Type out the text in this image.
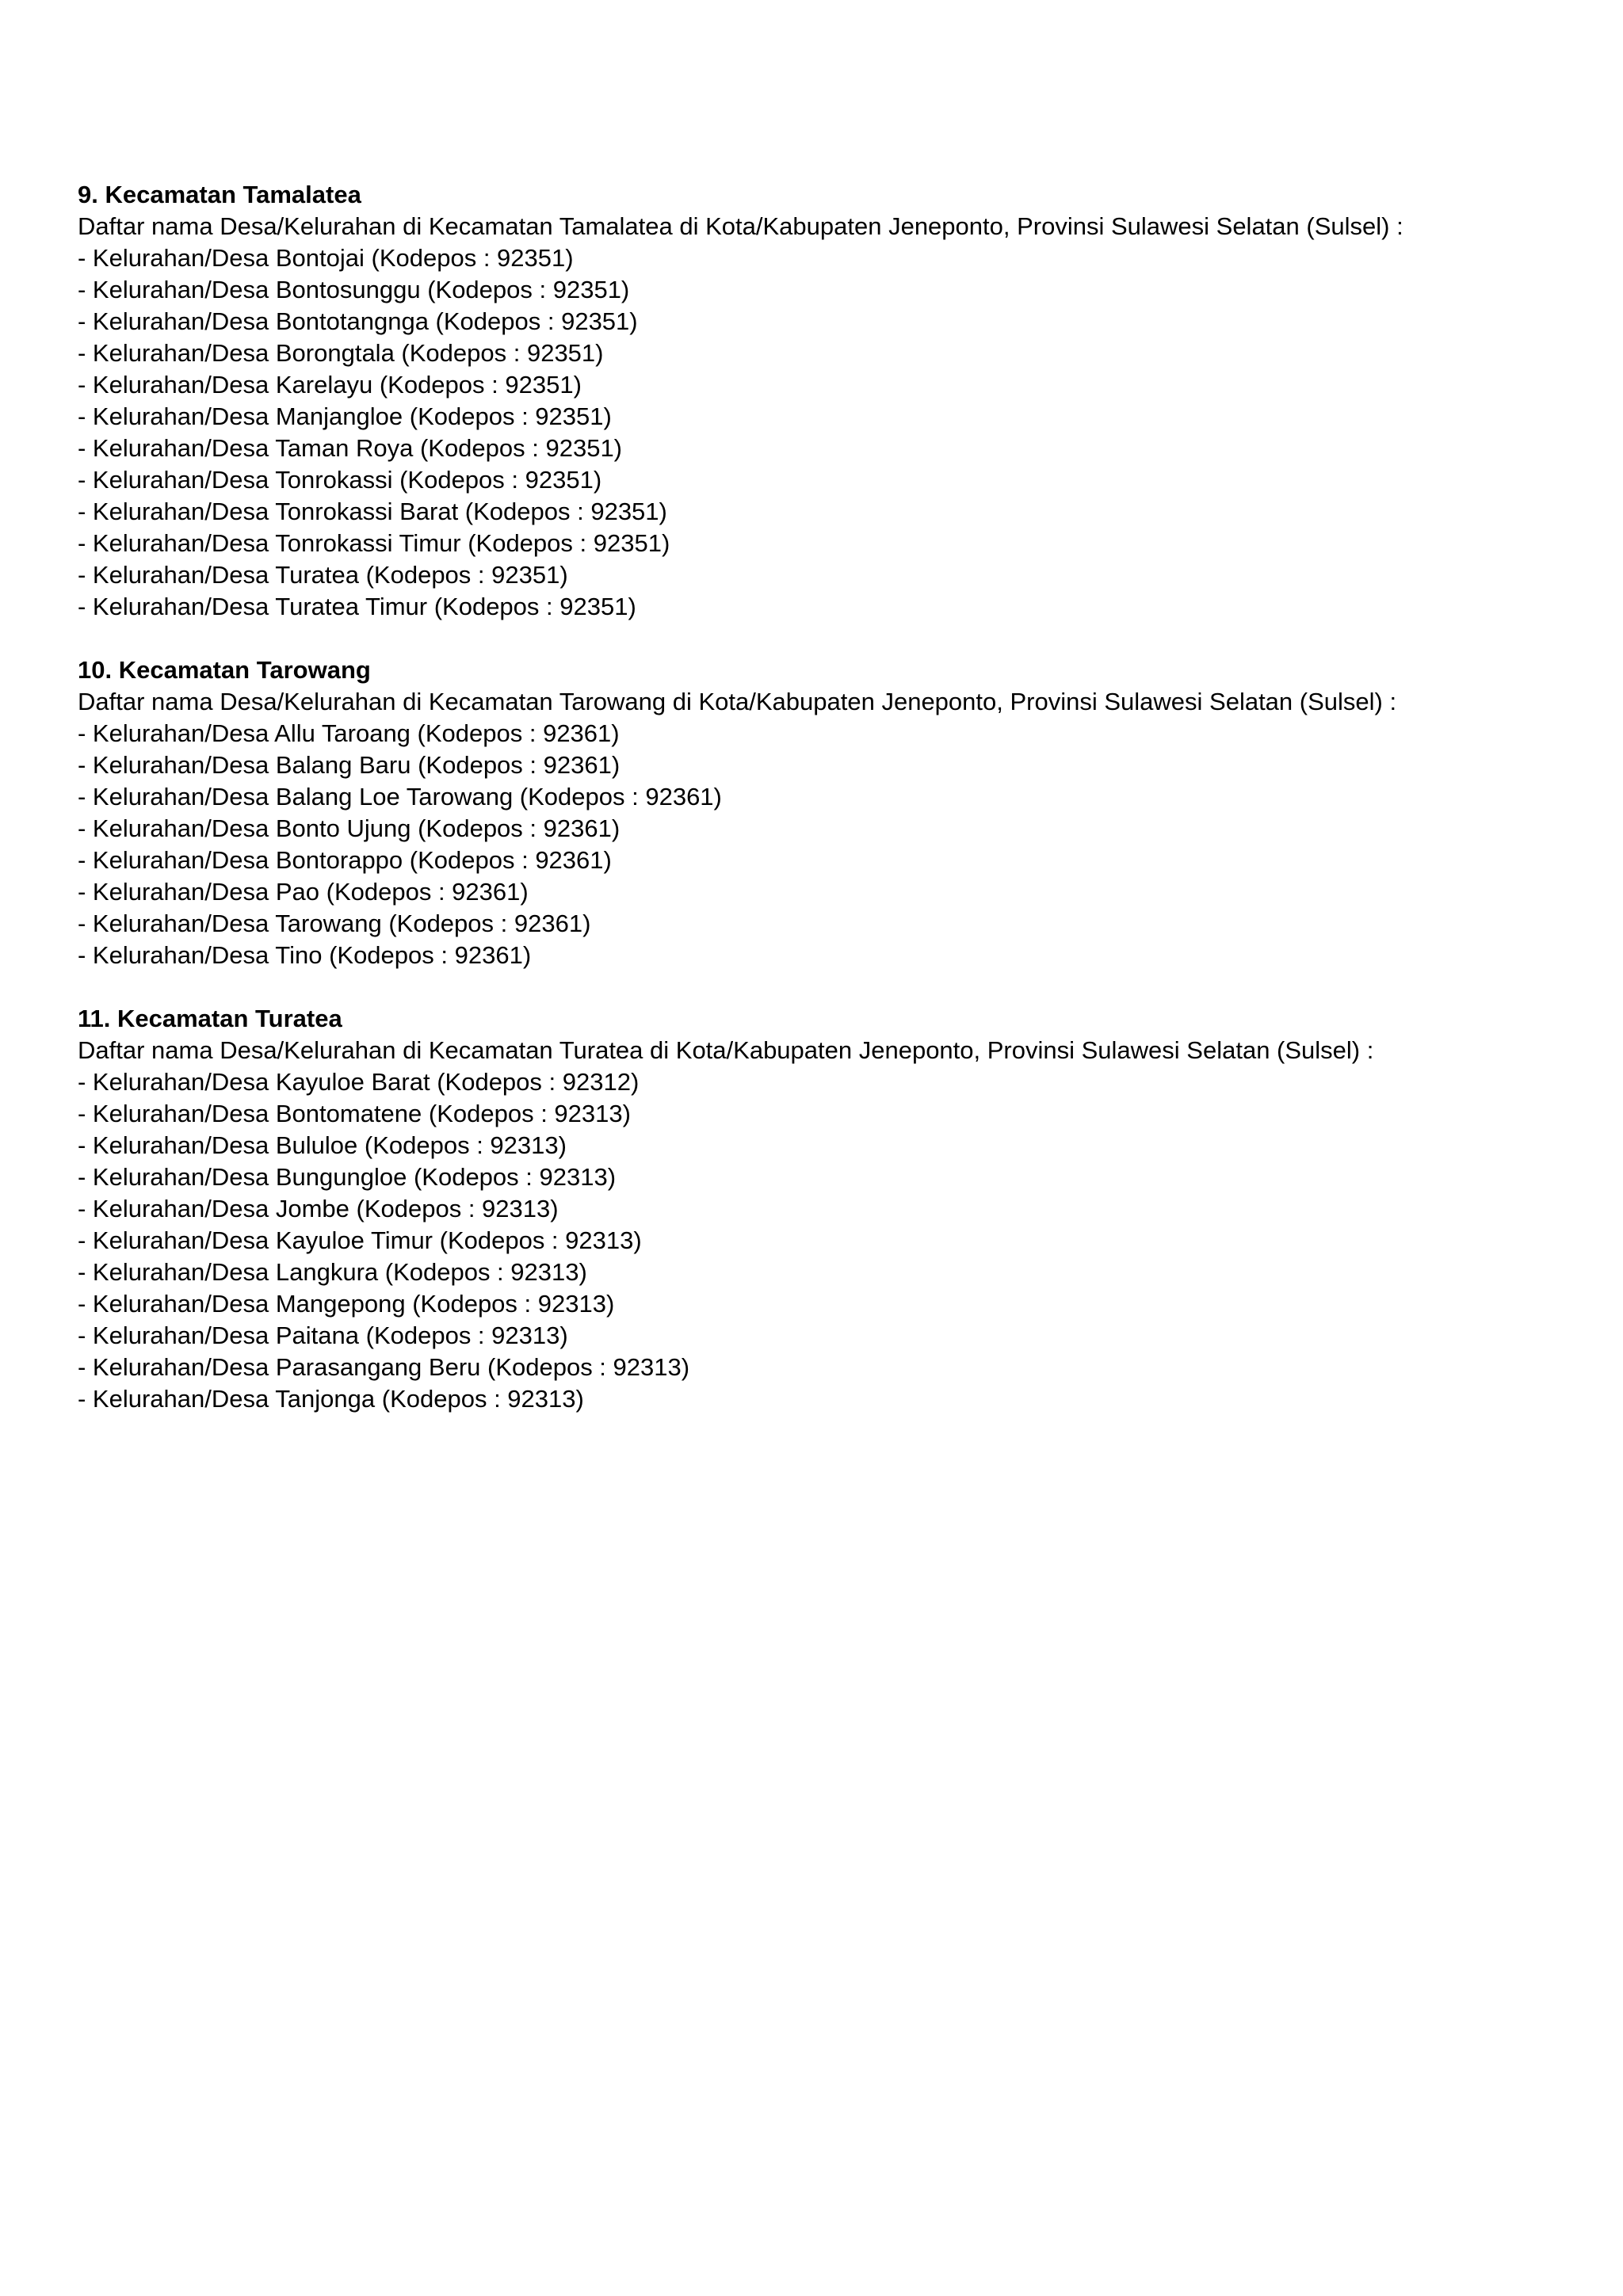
9. Kecamatan Tamalatea
Daftar nama Desa/Kelurahan di Kecamatan Tamalatea di Kota/Kabupaten Jeneponto, Provinsi Sulawesi Selatan (Sulsel) :
- Kelurahan/Desa Bontojai (Kodepos : 92351)
- Kelurahan/Desa Bontosunggu (Kodepos : 92351)
- Kelurahan/Desa Bontotangnga (Kodepos : 92351)
- Kelurahan/Desa Borongtala (Kodepos : 92351)
- Kelurahan/Desa Karelayu (Kodepos : 92351)
- Kelurahan/Desa Manjangloe (Kodepos : 92351)
- Kelurahan/Desa Taman Roya (Kodepos : 92351)
- Kelurahan/Desa Tonrokassi (Kodepos : 92351)
- Kelurahan/Desa Tonrokassi Barat (Kodepos : 92351)
- Kelurahan/Desa Tonrokassi Timur (Kodepos : 92351)
- Kelurahan/Desa Turatea (Kodepos : 92351)
- Kelurahan/Desa Turatea Timur (Kodepos : 92351)
10. Kecamatan Tarowang
Daftar nama Desa/Kelurahan di Kecamatan Tarowang di Kota/Kabupaten Jeneponto, Provinsi Sulawesi Selatan (Sulsel) :
- Kelurahan/Desa Allu Taroang (Kodepos : 92361)
- Kelurahan/Desa Balang Baru (Kodepos : 92361)
- Kelurahan/Desa Balang Loe Tarowang (Kodepos : 92361)
- Kelurahan/Desa Bonto Ujung (Kodepos : 92361)
- Kelurahan/Desa Bontorappo (Kodepos : 92361)
- Kelurahan/Desa Pao (Kodepos : 92361)
- Kelurahan/Desa Tarowang (Kodepos : 92361)
- Kelurahan/Desa Tino (Kodepos : 92361)
11. Kecamatan Turatea
Daftar nama Desa/Kelurahan di Kecamatan Turatea di Kota/Kabupaten Jeneponto, Provinsi Sulawesi Selatan (Sulsel) :
- Kelurahan/Desa Kayuloe Barat (Kodepos : 92312)
- Kelurahan/Desa Bontomatene (Kodepos : 92313)
- Kelurahan/Desa Bululoe (Kodepos : 92313)
- Kelurahan/Desa Bungungloe (Kodepos : 92313)
- Kelurahan/Desa Jombe (Kodepos : 92313)
- Kelurahan/Desa Kayuloe Timur (Kodepos : 92313)
- Kelurahan/Desa Langkura (Kodepos : 92313)
- Kelurahan/Desa Mangepong (Kodepos : 92313)
- Kelurahan/Desa Paitana (Kodepos : 92313)
- Kelurahan/Desa Parasangang Beru (Kodepos : 92313)
- Kelurahan/Desa Tanjonga (Kodepos : 92313)
